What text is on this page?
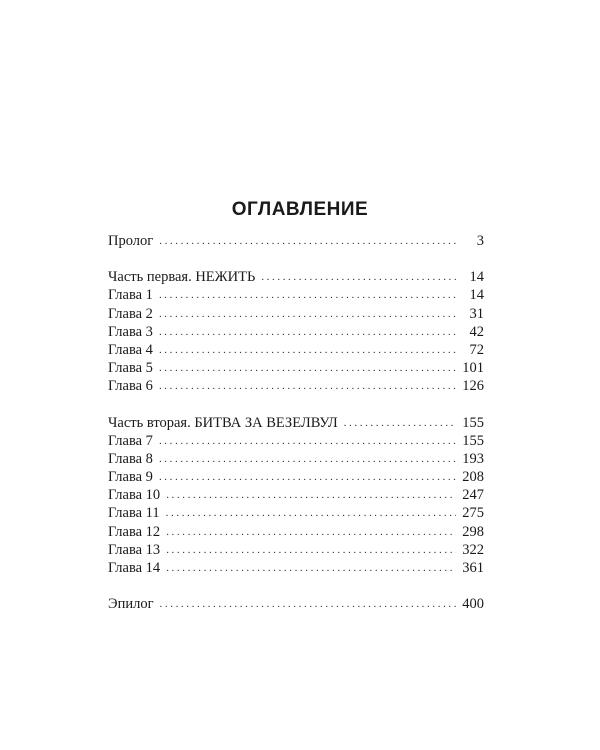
ОГЛАВЛЕНИЕ
Пролог .....	3
Часть первая. НЕЖИТЬ .....	14
Глава 1 .....	14
Глава 2 .....	31
Глава 3 .....	42
Глава 4 .....	72
Глава 5 .....	101
Глава 6 .....	126
Часть вторая. БИТВА ЗА ВЕЗЕЛВУЛ .....	155
Глава 7 .....	155
Глава 8 .....	193
Глава 9 .....	208
Глава 10 .....	247
Глава 11 .....	275
Глава 12 .....	298
Глава 13 .....	322
Глава 14 .....	361
Эпилог .....	400
